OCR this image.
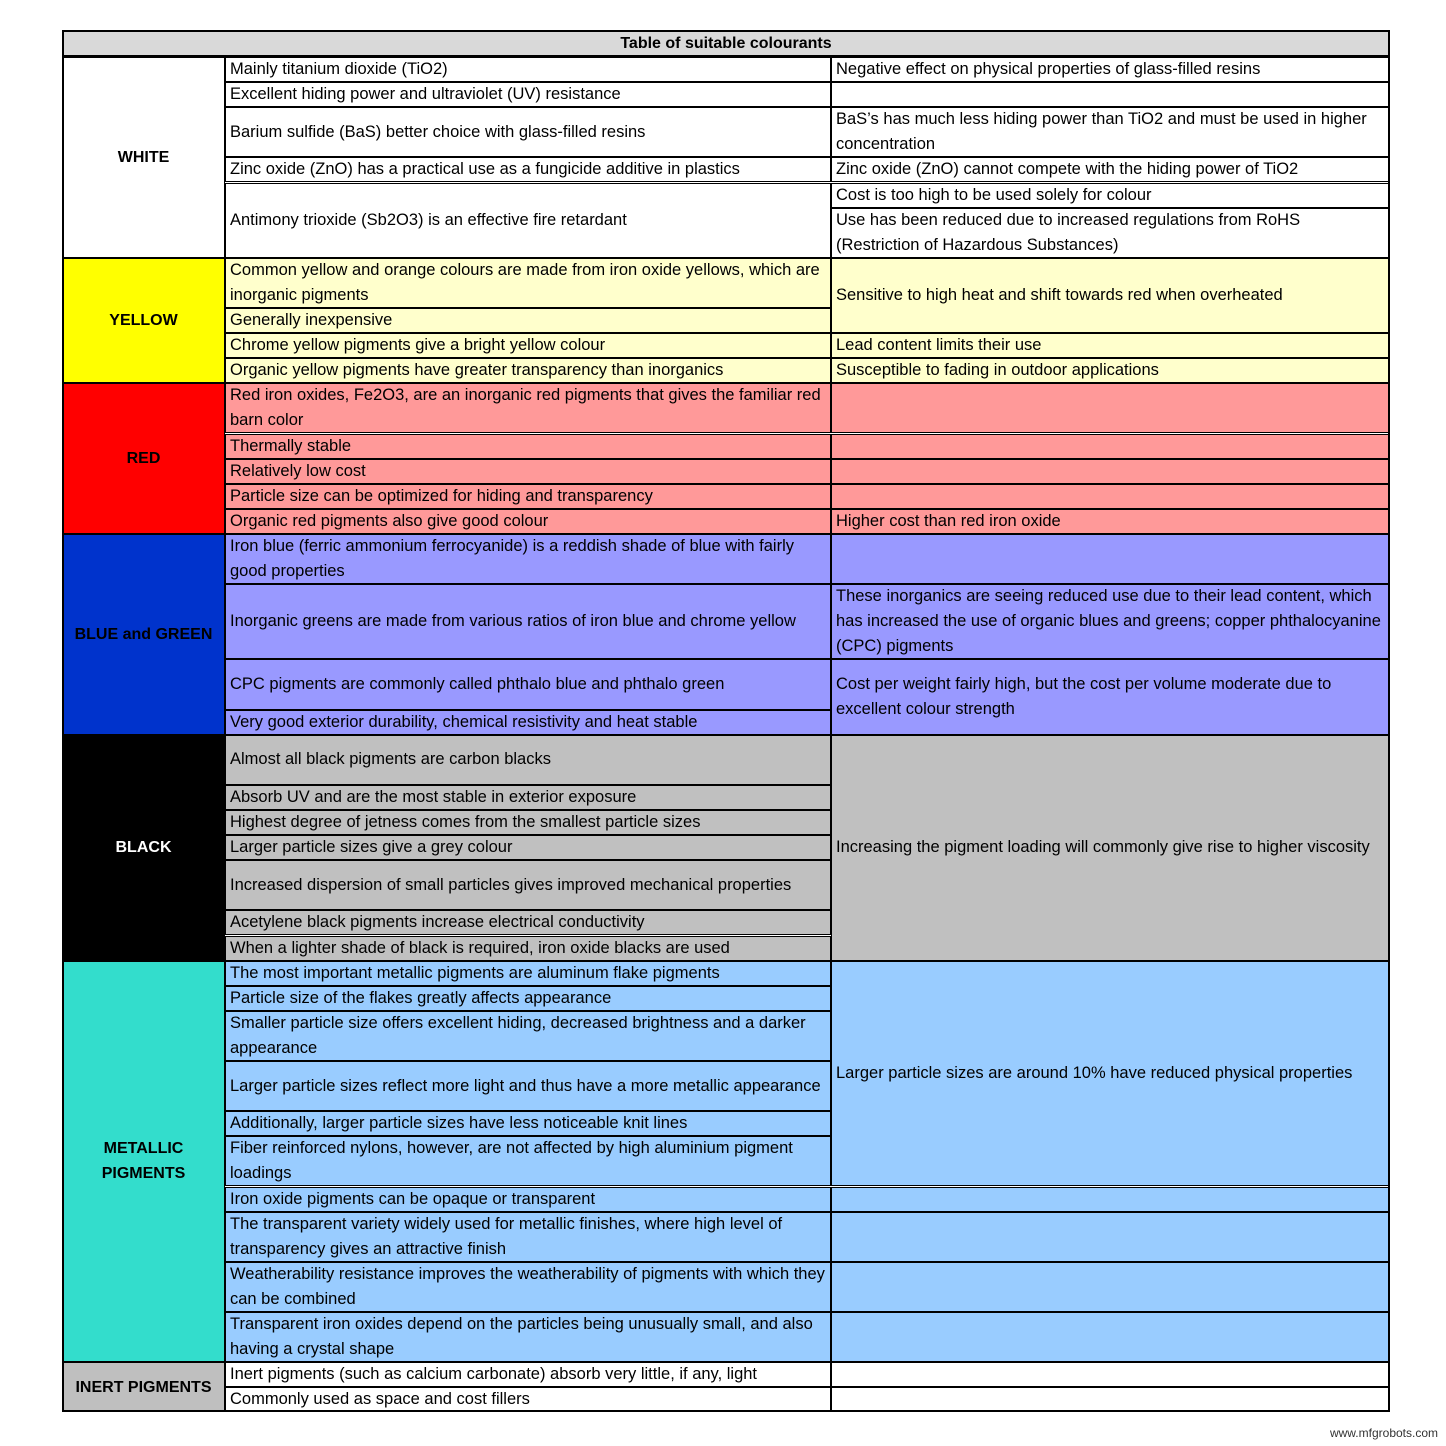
Table of suitable colourants
WHITE
Mainly titanium dioxide (TiO2)
Excellent hiding power and ultraviolet (UV) resistance
Barium sulfide (BaS) better choice with glass-filled resins
Zinc oxide (ZnO) has a practical use as a fungicide additive in plastics
Antimony trioxide (Sb2O3) is an effective fire retardant
Negative effect on physical properties of glass-filled resins
BaS’s has much less hiding power than TiO2 and must be used in higher concentration
Zinc oxide (ZnO) cannot compete with the hiding power of TiO2
Cost is too high to be used solely for colour
Use has been reduced due to increased regulations from RoHS (Restriction of Hazardous Substances)
YELLOW
Common yellow and orange colours are made from iron oxide yellows, which are inorganic pigments
Generally inexpensive
Chrome yellow pigments give a bright yellow colour
Organic yellow pigments have greater transparency than inorganics
Sensitive to high heat and shift towards red when overheated
Lead content limits their use
Susceptible to fading in outdoor applications
RED
Red iron oxides, Fe2O3, are an inorganic red pigments that gives the familiar red barn color
Thermally stable
Relatively low cost
Particle size can be optimized for hiding and transparency
Organic red pigments also give good colour	Higher cost than red iron oxide
BLUE and GREEN
Iron blue (ferric ammonium ferrocyanide) is a reddish shade of blue with fairly good properties
Inorganic greens are made from various ratios of iron blue and chrome yellow
CPC pigments are commonly called phthalo blue and phthalo green
Very good exterior durability, chemical resistivity and heat stable
These inorganics are seeing reduced use due to their lead content, which has increased the use of organic blues and greens; copper phthalocyanine (CPC) pigments
Cost per weight fairly high, but the cost per volume moderate due to excellent colour strength
BLACK
Almost all black pigments are carbon blacks
Absorb UV and are the most stable in exterior exposure
Highest degree of jetness comes from the smallest particle sizes
Larger particle sizes give a grey colour
Increased dispersion of small particles gives improved mechanical properties
Acetylene black pigments increase electrical conductivity
When a lighter shade of black is required, iron oxide blacks are used
Increasing the pigment loading will commonly give rise to higher viscosity
METALLIC PIGMENTS
The most important metallic pigments are aluminum flake pigments
Particle size of the flakes greatly affects appearance
Smaller particle size offers excellent hiding, decreased brightness and a darker appearance
Larger particle sizes reflect more light and thus have a more metallic appearance
Additionally, larger particle sizes have less noticeable knit lines
Fiber reinforced nylons, however, are not affected by high aluminium pigment loadings
Iron oxide pigments can be opaque or transparent
The transparent variety widely used for metallic finishes, where high level of transparency gives an attractive finish
Weatherability resistance improves the weatherability of pigments with which they can be combined
Transparent iron oxides depend on the particles being unusually small, and also having a crystal shape
Larger particle sizes are around 10% have reduced physical properties
INERT PIGMENTS
Inert pigments (such as calcium carbonate) absorb very little, if any, light
Commonly used as space and cost fillers
www.mfgrobots.com
